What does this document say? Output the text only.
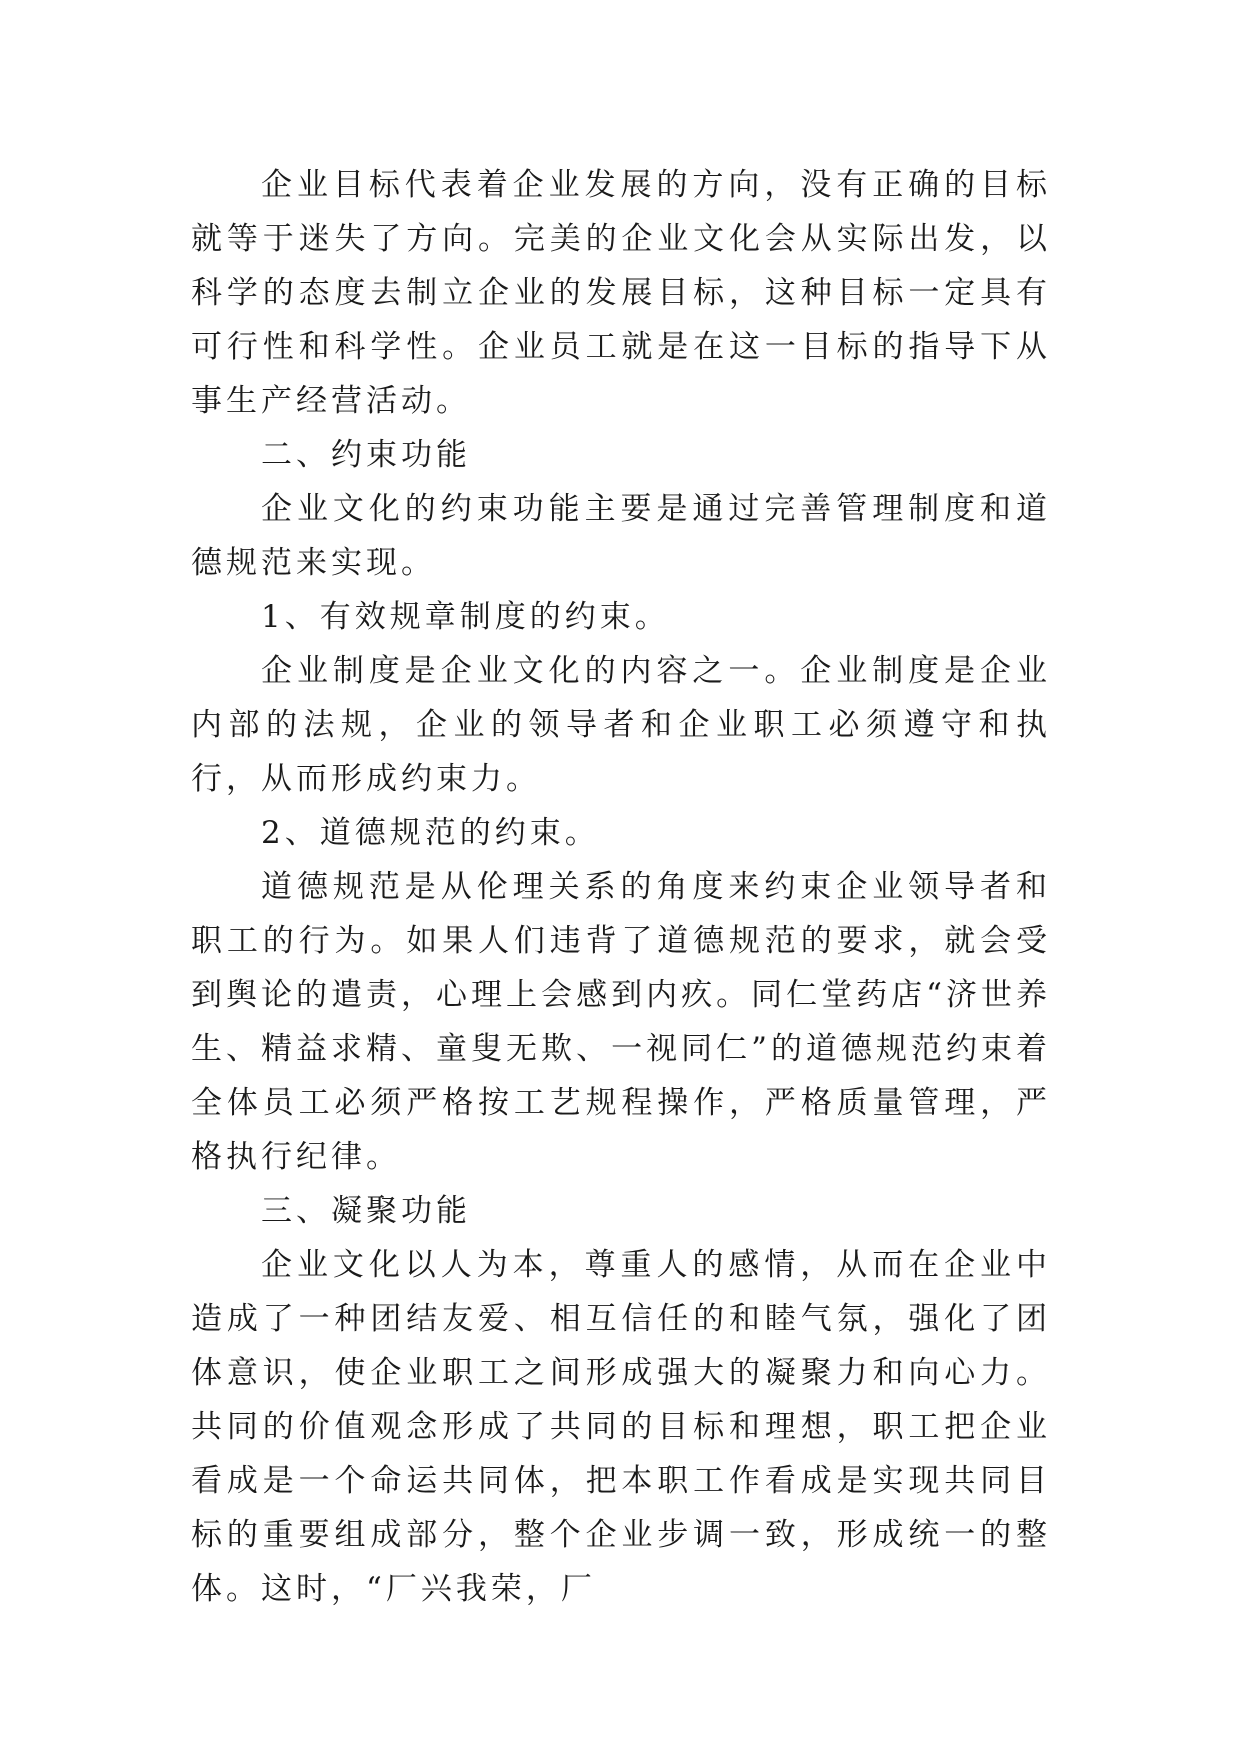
企业目标代表着企业发展的方向，没有正确的目标就等于迷失了方向。完美的企业文化会从实际出发，以科学的态度去制立企业的发展目标，这种目标一定具有可行性和科学性。企业员工就是在这一目标的指导下从事生产经营活动。

二、约束功能

企业文化的约束功能主要是通过完善管理制度和道德规范来实现。

1、有效规章制度的约束。

企业制度是企业文化的内容之一。企业制度是企业内部的法规，企业的领导者和企业职工必须遵守和执行，从而形成约束力。

2、道德规范的约束。

道德规范是从伦理关系的角度来约束企业领导者和职工的行为。如果人们违背了道德规范的要求，就会受到舆论的遣责，心理上会感到内疚。同仁堂药店“济世养生、精益求精、童叟无欺、一视同仁”的道德规范约束着全体员工必须严格按工艺规程操作，严格质量管理，严格执行纪律。

三、凝聚功能

企业文化以人为本，尊重人的感情，从而在企业中造成了一种团结友爱、相互信任的和睦气氛，强化了团体意识，使企业职工之间形成强大的凝聚力和向心力。共同的价值观念形成了共同的目标和理想，职工把企业看成是一个命运共同体，把本职工作看成是实现共同目标的重要组成部分，整个企业步调一致，形成统一的整体。这时，“厂兴我荣，厂
